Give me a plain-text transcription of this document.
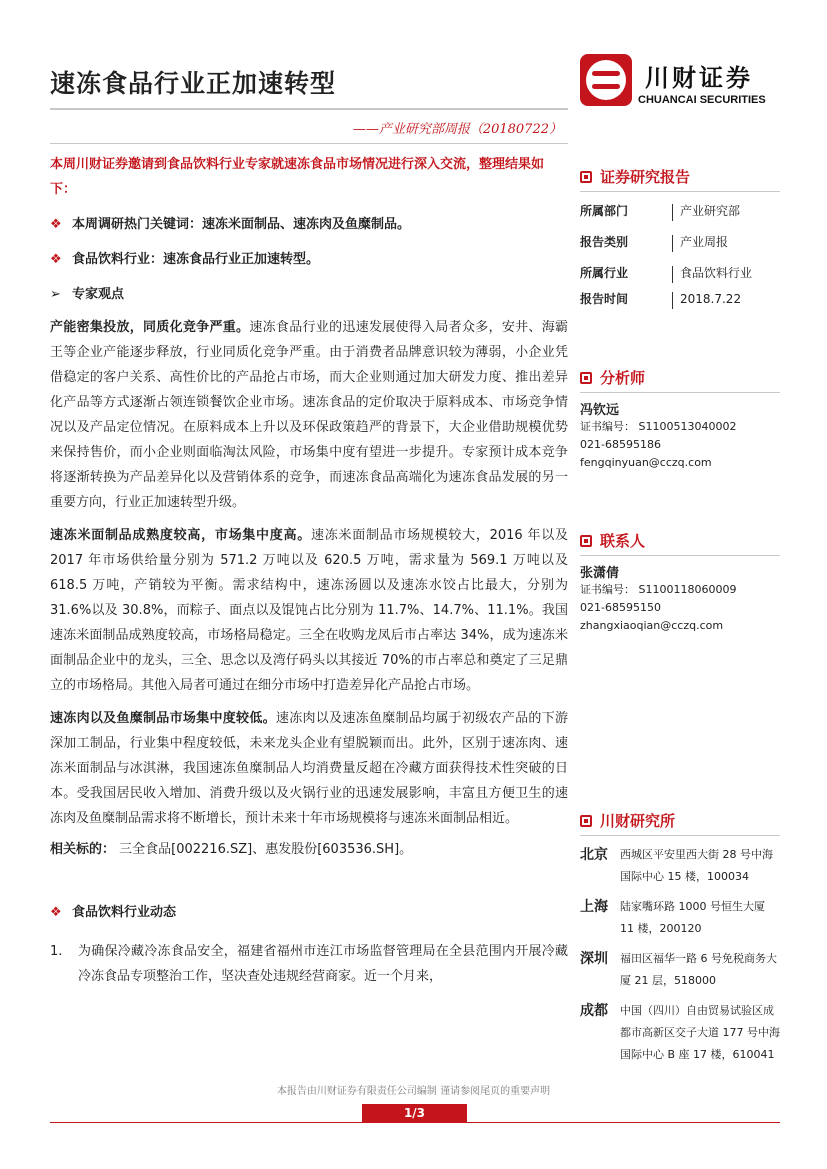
速冻食品行业正加速转型
——产业研究部周报（20180722）
川财证券
CHUANCAI SECURITIES
本周川财证券邀请到食品饮料行业专家就速冻食品市场情况进行深入交流，整理结果如下：
❖ 本周调研热门关键词：速冻米面制品、速冻肉及鱼糜制品。
❖ 食品饮料行业：速冻食品行业正加速转型。
➢ 专家观点
产能密集投放，同质化竞争严重。速冻食品行业的迅速发展使得入局者众多，安井、海霸王等企业产能逐步释放，行业同质化竞争严重。由于消费者品牌意识较为薄弱，小企业凭借稳定的客户关系、高性价比的产品抢占市场，而大企业则通过加大研发力度、推出差异化产品等方式逐渐占领连锁餐饮企业市场。速冻食品的定价取决于原料成本、市场竞争情况以及产品定位情况。在原料成本上升以及环保政策趋严的背景下，大企业借助规模优势来保持售价，而小企业则面临淘汰风险，市场集中度有望进一步提升。专家预计成本竞争将逐渐转换为产品差异化以及营销体系的竞争，而速冻食品高端化为速冻食品发展的另一重要方向，行业正加速转型升级。
速冻米面制品成熟度较高，市场集中度高。速冻米面制品市场规模较大，2016 年以及 2017 年市场供给量分别为 571.2 万吨以及 620.5 万吨，需求量为 569.1 万吨以及 618.5 万吨，产销较为平衡。需求结构中，速冻汤圆以及速冻水饺占比最大，分别为 31.6%以及 30.8%，而粽子、面点以及馄饨占比分别为 11.7%、14.7%、11.1%。我国速冻米面制品成熟度较高，市场格局稳定。三全在收购龙凤后市占率达 34%，成为速冻米面制品企业中的龙头，三全、思念以及湾仔码头以其接近 70%的市占率总和奠定了三足鼎立的市场格局。其他入局者可通过在细分市场中打造差异化产品抢占市场。
速冻肉以及鱼糜制品市场集中度较低。速冻肉以及速冻鱼糜制品均属于初级农产品的下游深加工制品，行业集中程度较低，未来龙头企业有望脱颖而出。此外，区别于速冻肉、速冻米面制品与冰淇淋，我国速冻鱼糜制品人均消费量反超在冷藏方面获得技术性突破的日本。受我国居民收入增加、消费升级以及火锅行业的迅速发展影响，丰富且方便卫生的速冻肉及鱼糜制品需求将不断增长，预计未来十年市场规模将与速冻米面制品相近。
相关标的： 三全食品[002216.SZ]、惠发股份[603536.SH]。
❖ 食品饮料行业动态
1.	为确保冷藏冷冻食品安全，福建省福州市连江市场监督管理局在全县范围内开展冷藏冷冻食品专项整治工作，坚决查处违规经营商家。近一个月来，
证券研究报告
所属部门	产业研究部
报告类别	产业周报
所属行业	食品饮料行业
报告时间	2018.7.22
分析师
冯钦远
证书编号： S1100513040002
021-68595186
fengqinyuan@cczq.com
联系人
张潇倩
证书编号： S1100118060009
021-68595150
zhangxiaoqian@cczq.com
川财研究所
北京	西城区平安里西大街 28 号中海国际中心 15 楼，100034
上海	陆家嘴环路 1000 号恒生大厦 11 楼，200120
深圳	福田区福华一路 6 号免税商务大厦 21 层，518000
成都	中国（四川）自由贸易试验区成都市高新区交子大道 177 号中海国际中心 B 座 17 楼，610041
本报告由川财证券有限责任公司编制 谨请参阅尾页的重要声明
1/3
